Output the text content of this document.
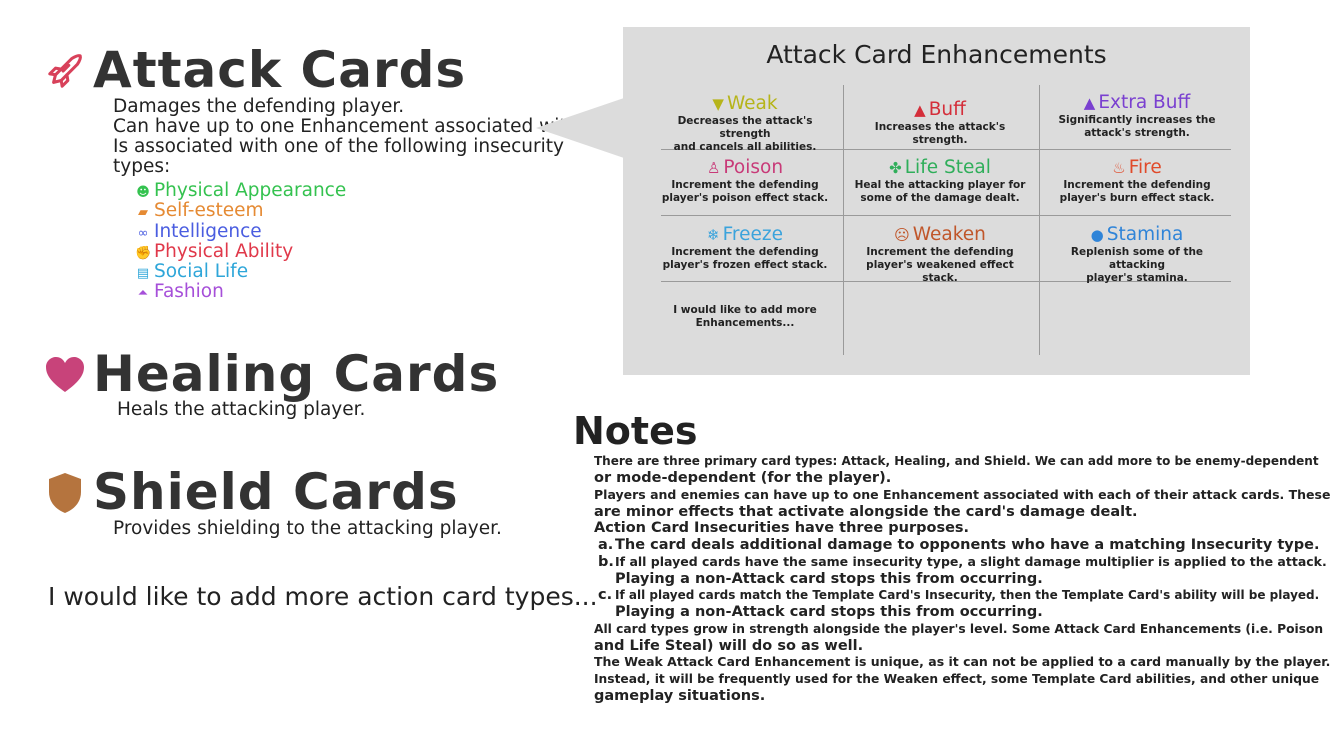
Attack Cards
Damages the defending player.
Can have up to one Enhancement associated with it.
Is associated with one of the following insecurity
types:
☻ Physical Appearance
▰ Self-esteem
∞ Intelligence
✊ Physical Ability
▤ Social Life
⏶ Fashion
Healing Cards
Heals the attacking player.
Shield Cards
Provides shielding to the attacking player.
I would like to add more action card types...
Attack Card Enhancements
▼ Weak
Decreases the attack's strength
and cancels all abilities.
▲ Buff
Increases the attack's strength.
▲ Extra Buff
Significantly increases the
attack's strength.
♙ Poison
Increment the defending
player's poison effect stack.
✤ Life Steal
Heal the attacking player for
some of the damage dealt.
♨ Fire
Increment the defending
player's burn effect stack.
❄ Freeze
Increment the defending
player's frozen effect stack.
☹ Weaken
Increment the defending
player's weakened effect stack.
● Stamina
Replenish some of the attacking
player's stamina.
I would like to add more
Enhancements...
Notes
There are three primary card types: Attack, Healing, and Shield. We can add more to be enemy-dependent
or mode-dependent (for the player).
Players and enemies can have up to one Enhancement associated with each of their attack cards. These
are minor effects that activate alongside the card's damage dealt.
Action Card Insecurities have three purposes.
a. The card deals additional damage to opponents who have a matching Insecurity type.
b. If all played cards have the same insecurity type, a slight damage multiplier is applied to the attack.
Playing a non-Attack card stops this from occurring.
c. If all played cards match the Template Card's Insecurity, then the Template Card's ability will be played.
Playing a non-Attack card stops this from occurring.
All card types grow in strength alongside the player's level. Some Attack Card Enhancements (i.e. Poison
and Life Steal) will do so as well.
The Weak Attack Card Enhancement is unique, as it can not be applied to a card manually by the player.
Instead, it will be frequently used for the Weaken effect, some Template Card abilities, and other unique
gameplay situations.
